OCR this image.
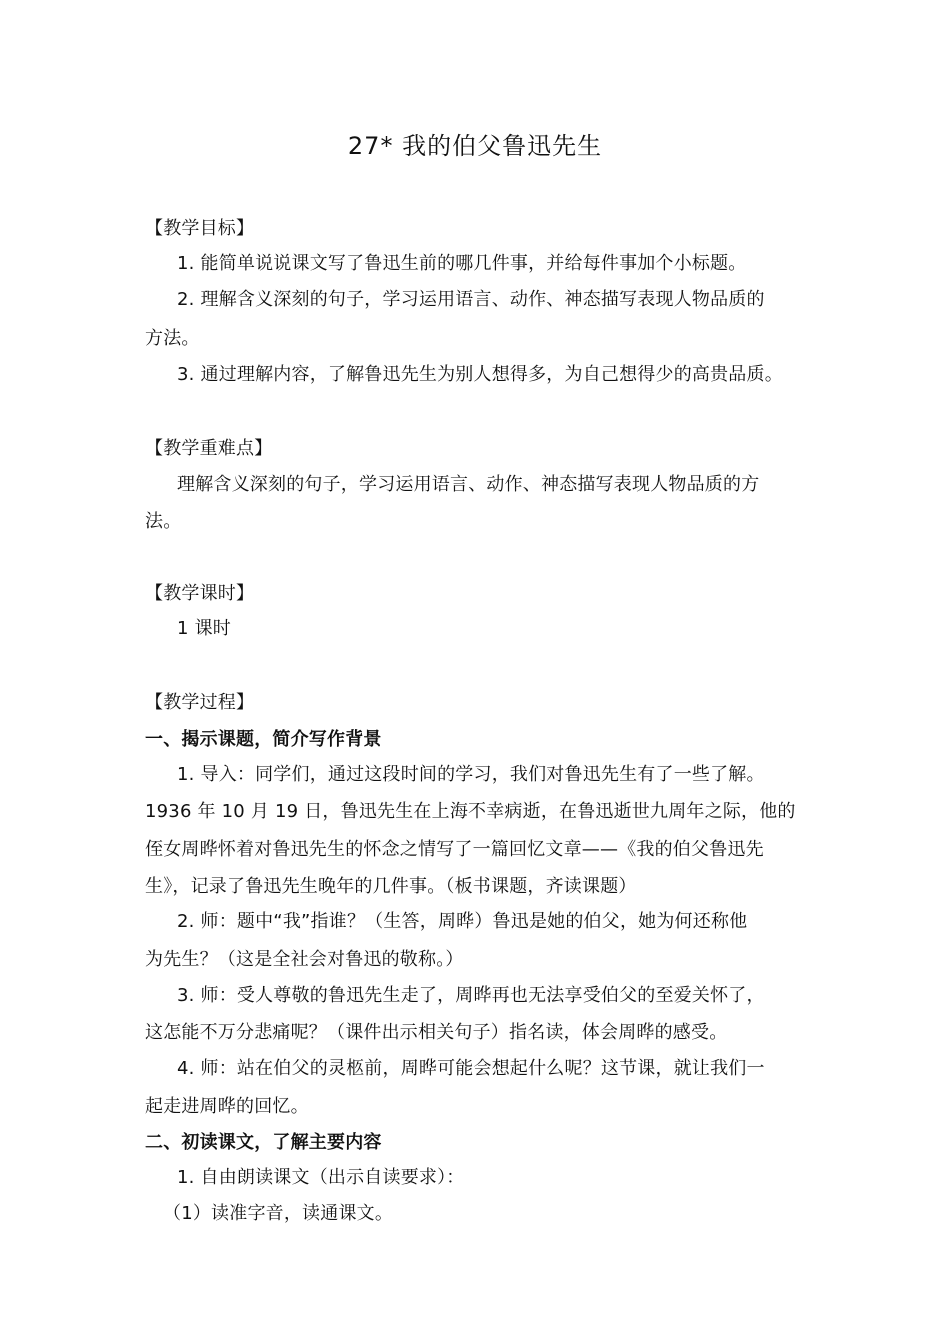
27* 我的伯父鲁迅先生
【教学目标】
1. 能简单说说课文写了鲁迅生前的哪几件事，并给每件事加个小标题。
2. 理解含义深刻的句子，学习运用语言、动作、神态描写表现人物品质的
方法。
3. 通过理解内容，了解鲁迅先生为别人想得多，为自己想得少的高贵品质。
【教学重难点】
理解含义深刻的句子，学习运用语言、动作、神态描写表现人物品质的方
法。
【教学课时】
1 课时
【教学过程】
一、揭示课题，简介写作背景
1. 导入：同学们，通过这段时间的学习，我们对鲁迅先生有了一些了解。
1936 年 10 月 19 日，鲁迅先生在上海不幸病逝，在鲁迅逝世九周年之际，他的
侄女周晔怀着对鲁迅先生的怀念之情写了一篇回忆文章——《我的伯父鲁迅先
生》，记录了鲁迅先生晚年的几件事。（板书课题，齐读课题）
2. 师：题中“我”指谁？（生答，周晔）鲁迅是她的伯父，她为何还称他
为先生？（这是全社会对鲁迅的敬称。）
3. 师：受人尊敬的鲁迅先生走了，周晔再也无法享受伯父的至爱关怀了，
这怎能不万分悲痛呢？（课件出示相关句子）指名读，体会周晔的感受。
4. 师：站在伯父的灵柩前，周晔可能会想起什么呢？这节课，就让我们一
起走进周晔的回忆。
二、初读课文，了解主要内容
1. 自由朗读课文（出示自读要求）：
（1）读准字音，读通课文。
